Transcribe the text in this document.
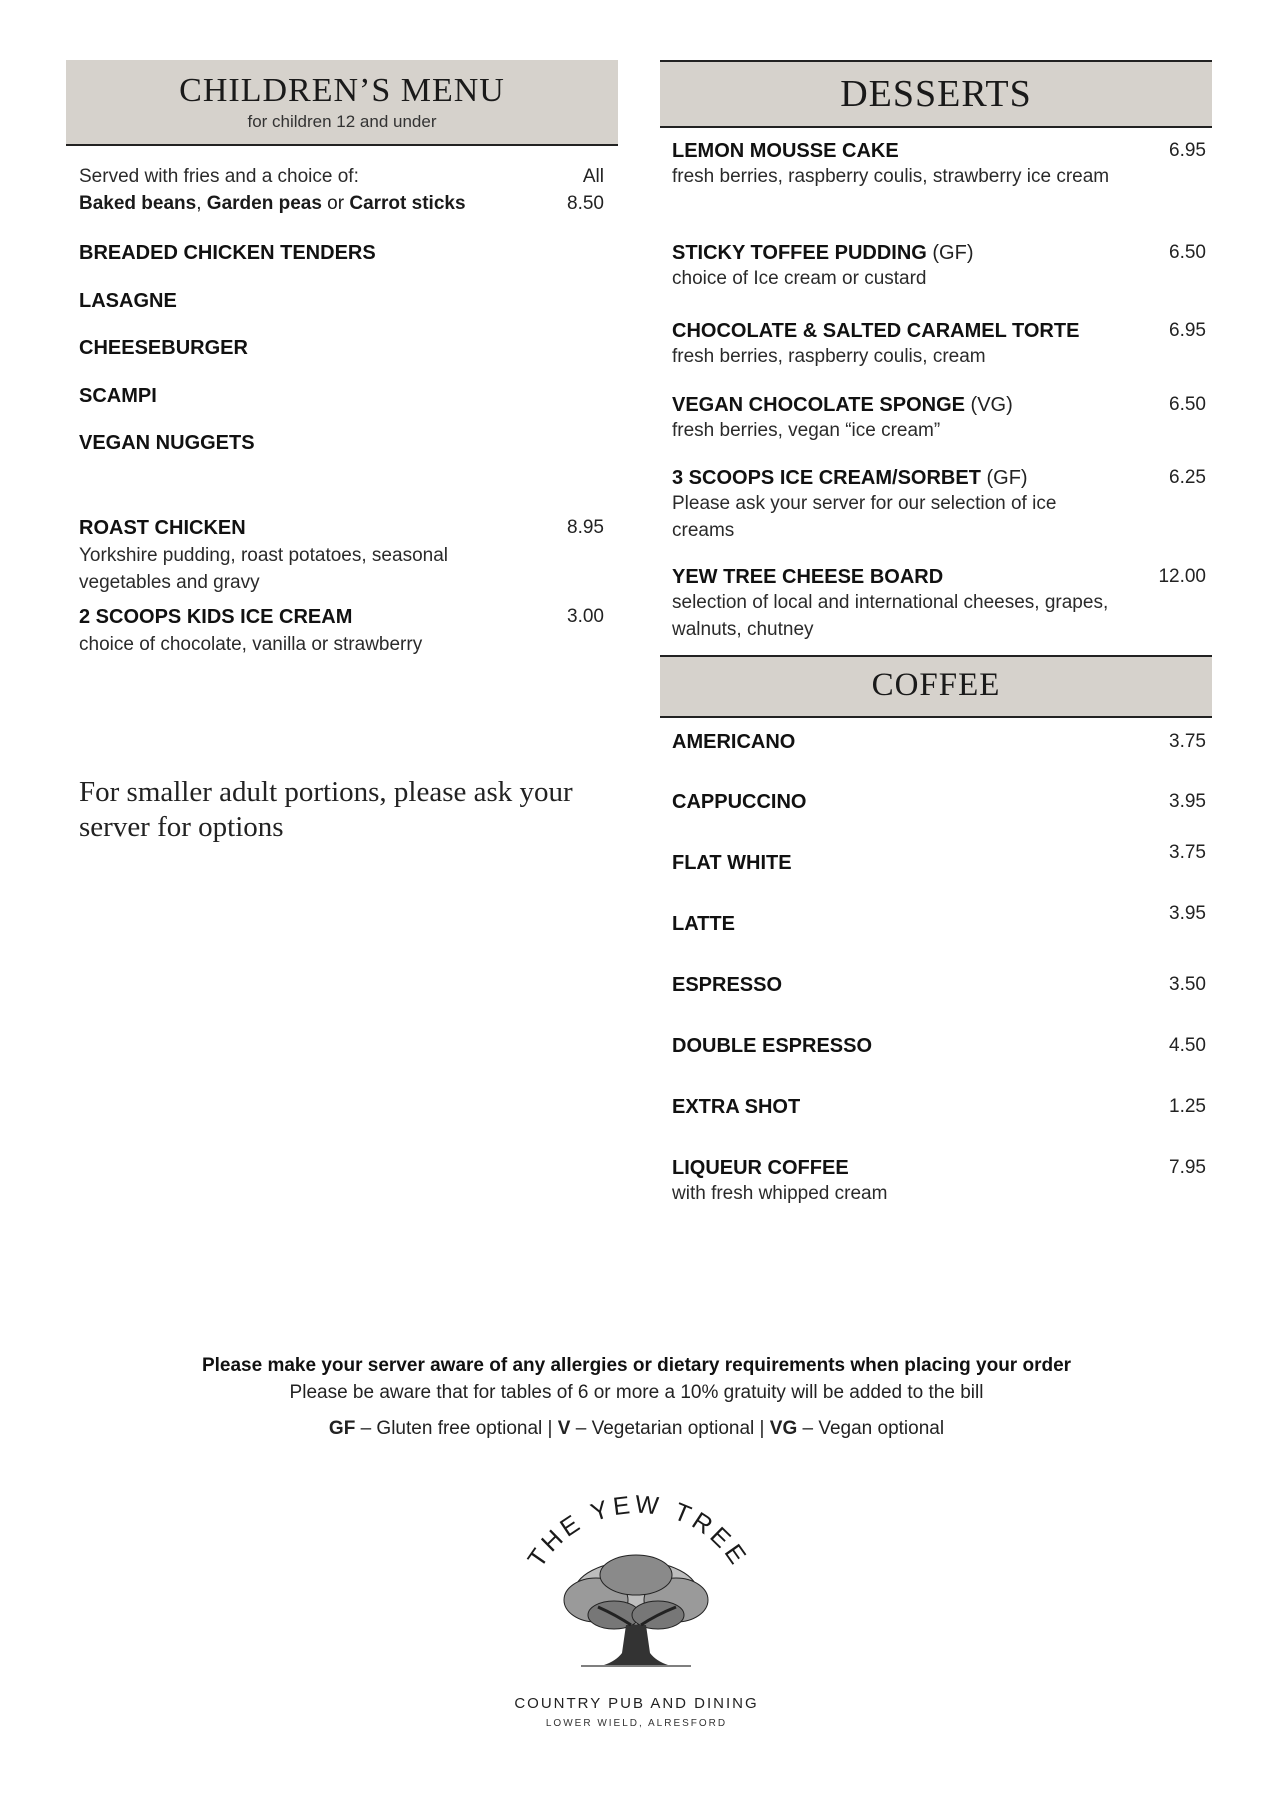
CHILDREN’S MENU
for children 12 and under
Served with fries and a choice of:
Baked beans, Garden peas or Carrot sticks
All
8.50
BREADED CHICKEN TENDERS
LASAGNE
CHEESEBURGER
SCAMPI
VEGAN NUGGETS
ROAST CHICKEN
Yorkshire pudding, roast potatoes, seasonal vegetables and gravy
8.95
2 SCOOPS KIDS ICE CREAM
choice of chocolate, vanilla or strawberry
3.00
For smaller adult portions, please ask your server for options
DESSERTS
LEMON MOUSSE CAKE
fresh berries, raspberry coulis, strawberry ice cream
6.95
STICKY TOFFEE PUDDING (GF)
choice of Ice cream or custard
6.50
CHOCOLATE & SALTED CARAMEL TORTE
fresh berries, raspberry coulis, cream
6.95
VEGAN CHOCOLATE SPONGE (VG)
fresh berries, vegan “ice cream”
6.50
3 SCOOPS ICE CREAM/SORBET (GF)
Please ask your server for our selection of ice creams
6.25
YEW TREE CHEESE BOARD
selection of local and international cheeses, grapes, walnuts, chutney
12.00
COFFEE
AMERICANO	3.75
CAPPUCCINO	3.95
FLAT WHITE	3.75
LATTE	3.95
ESPRESSO	3.50
DOUBLE ESPRESSO	4.50
EXTRA SHOT	1.25
LIQUEUR COFFEE
with fresh whipped cream
7.95
Please make your server aware of any allergies or dietary requirements when placing your order
Please be aware that for tables of 6 or more a 10% gratuity will be added to the bill
GF – Gluten free optional | V – Vegetarian optional | VG – Vegan optional
THE YEW TREE
COUNTRY PUB AND DINING
LOWER WIELD, ALRESFORD
